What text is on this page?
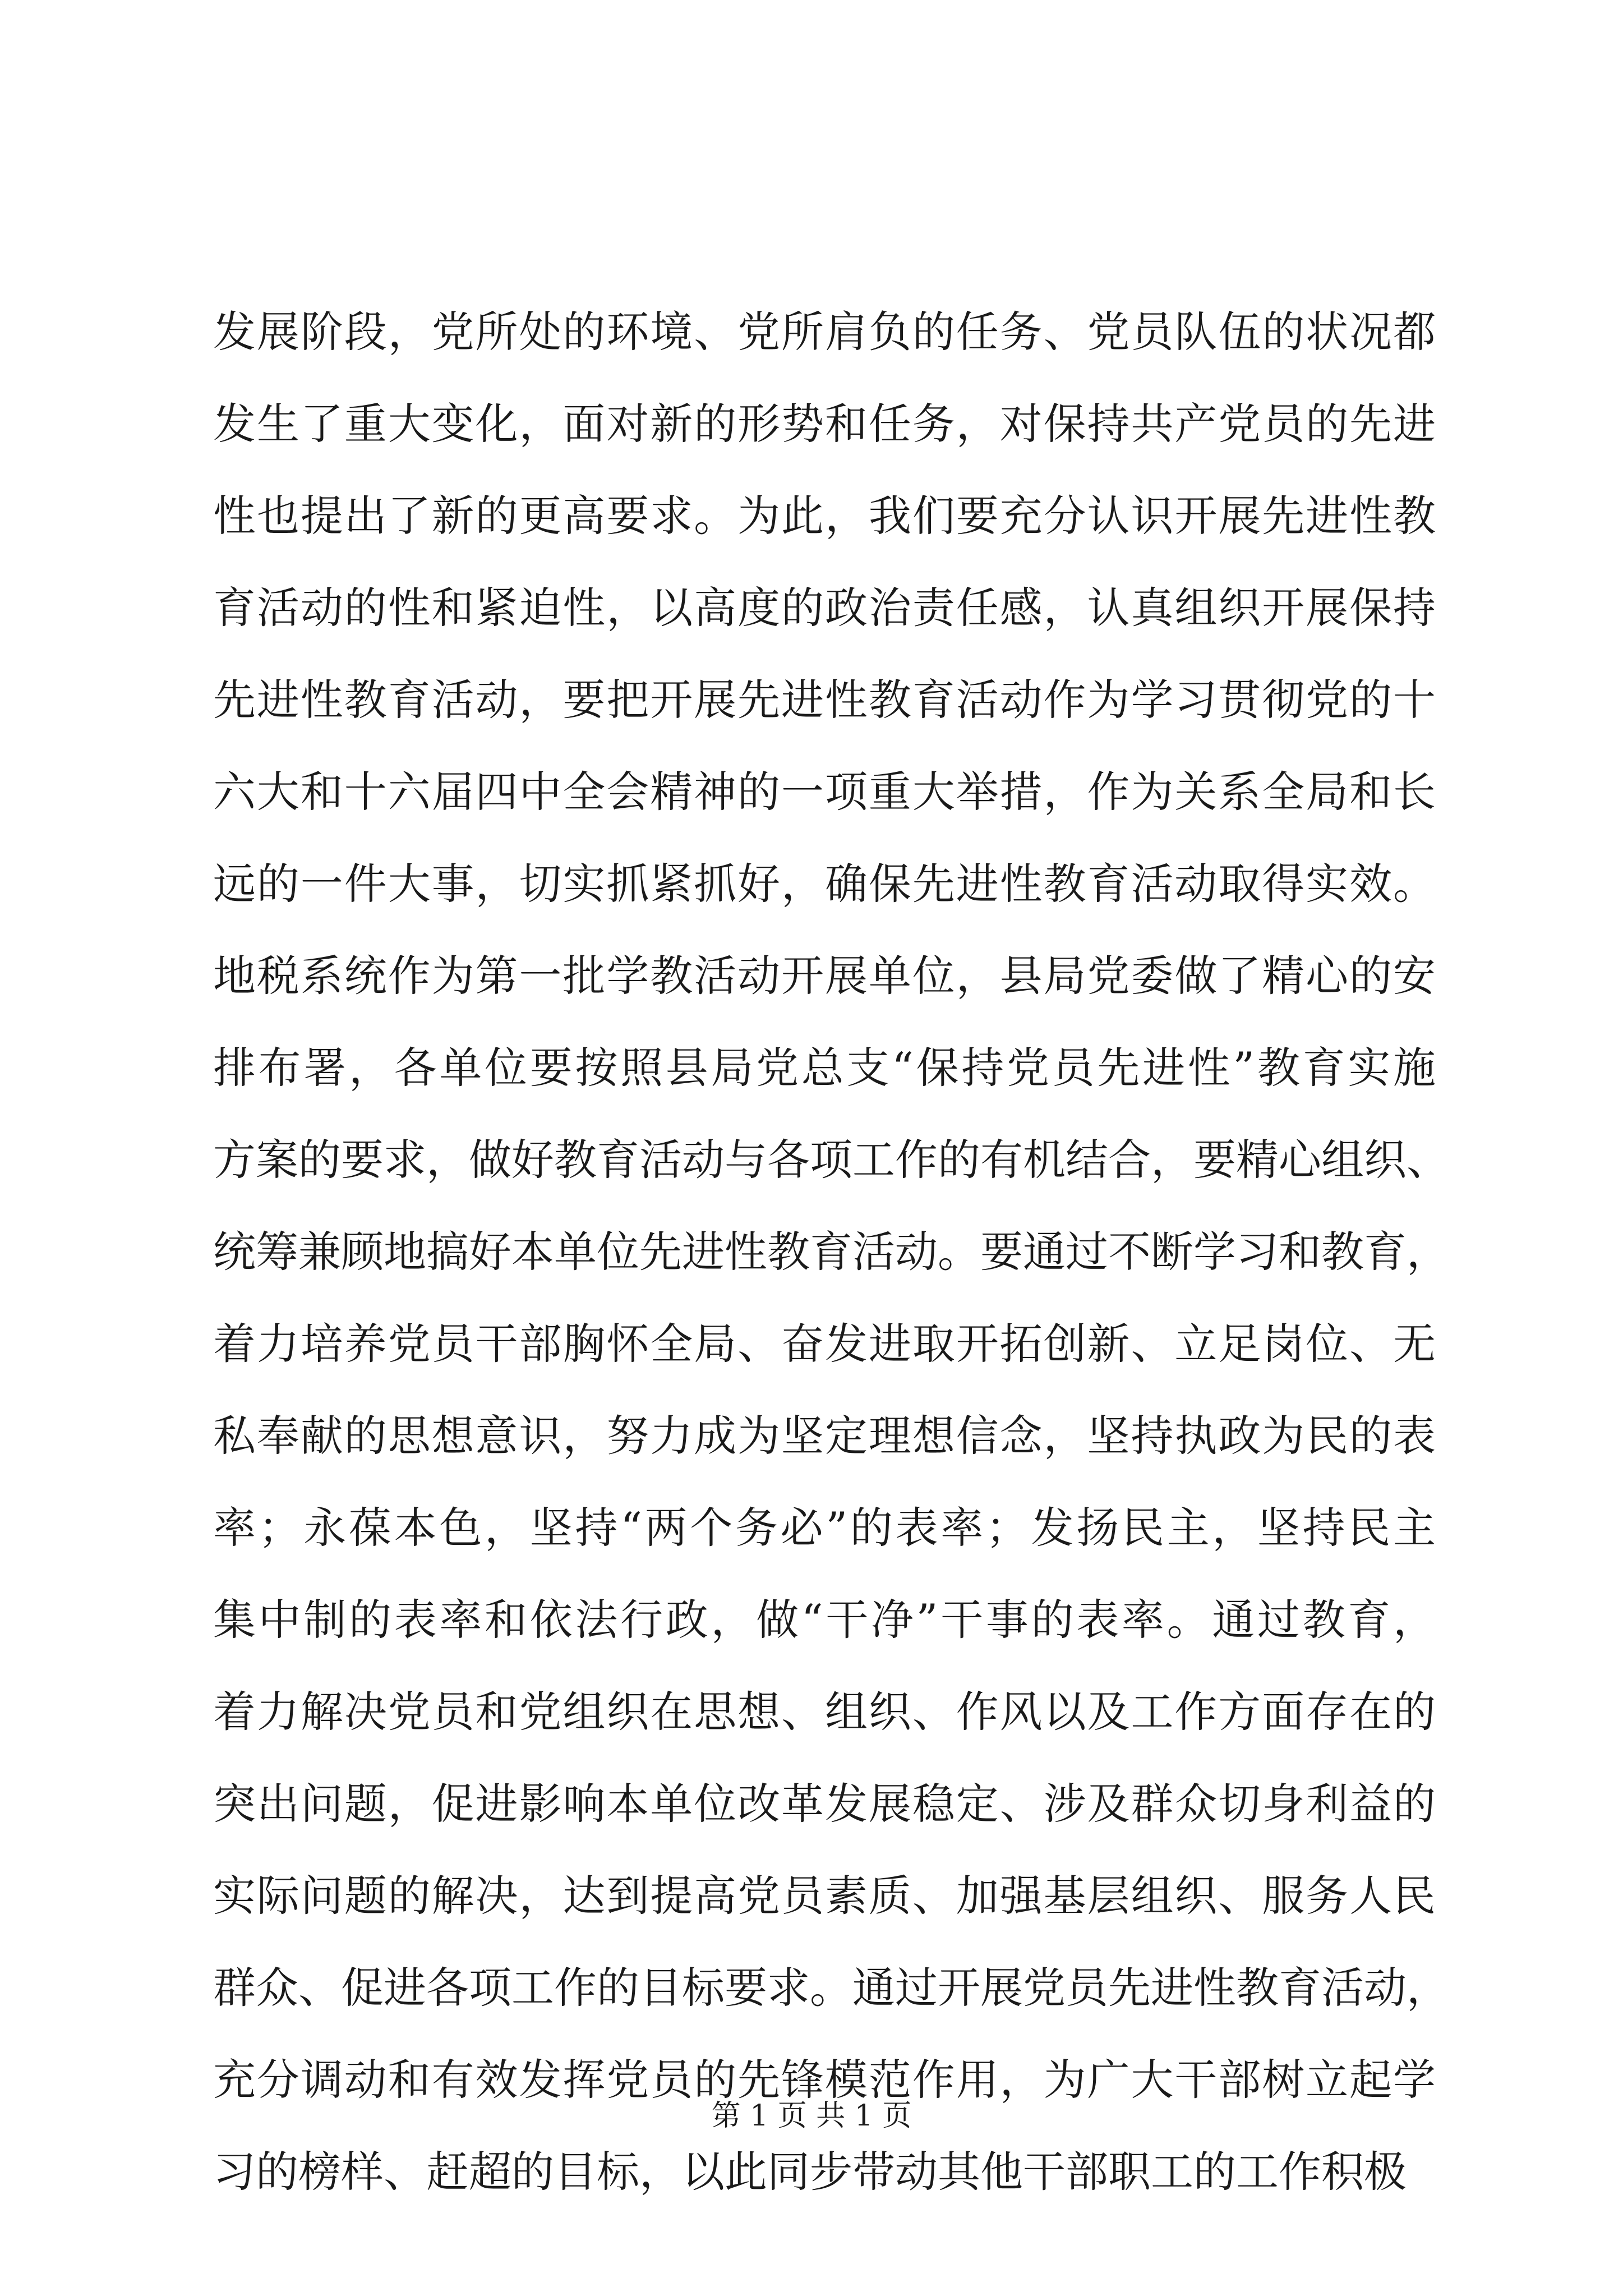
发展阶段，党所处的环境、党所肩负的任务、党员队伍的状况都
发生了重大变化，面对新的形势和任务，对保持共产党员的先进
性也提出了新的更高要求。为此，我们要充分认识开展先进性教
育活动的性和紧迫性，以高度的政治责任感，认真组织开展保持
先进性教育活动，要把开展先进性教育活动作为学习贯彻党的十
六大和十六届四中全会精神的一项重大举措，作为关系全局和长
远的一件大事，切实抓紧抓好，确保先进性教育活动取得实效。
地税系统作为第一批学教活动开展单位，县局党委做了精心的安
排布署，各单位要按照县局党总支“保持党员先进性”教育实施
方案的要求，做好教育活动与各项工作的有机结合，要精心组织、
统筹兼顾地搞好本单位先进性教育活动。要通过不断学习和教育，
着力培养党员干部胸怀全局、奋发进取开拓创新、立足岗位、无
私奉献的思想意识，努力成为坚定理想信念，坚持执政为民的表
率；永葆本色，坚持“两个务必”的表率；发扬民主，坚持民主
集中制的表率和依法行政，做“干净”干事的表率。通过教育，
着力解决党员和党组织在思想、组织、作风以及工作方面存在的
突出问题，促进影响本单位改革发展稳定、涉及群众切身利益的
实际问题的解决，达到提高党员素质、加强基层组织、服务人民
群众、促进各项工作的目标要求。通过开展党员先进性教育活动，
充分调动和有效发挥党员的先锋模范作用，为广大干部树立起学
习的榜样、赶超的目标，以此同步带动其他干部职工的工作积极
第 1 页 共 1 页
